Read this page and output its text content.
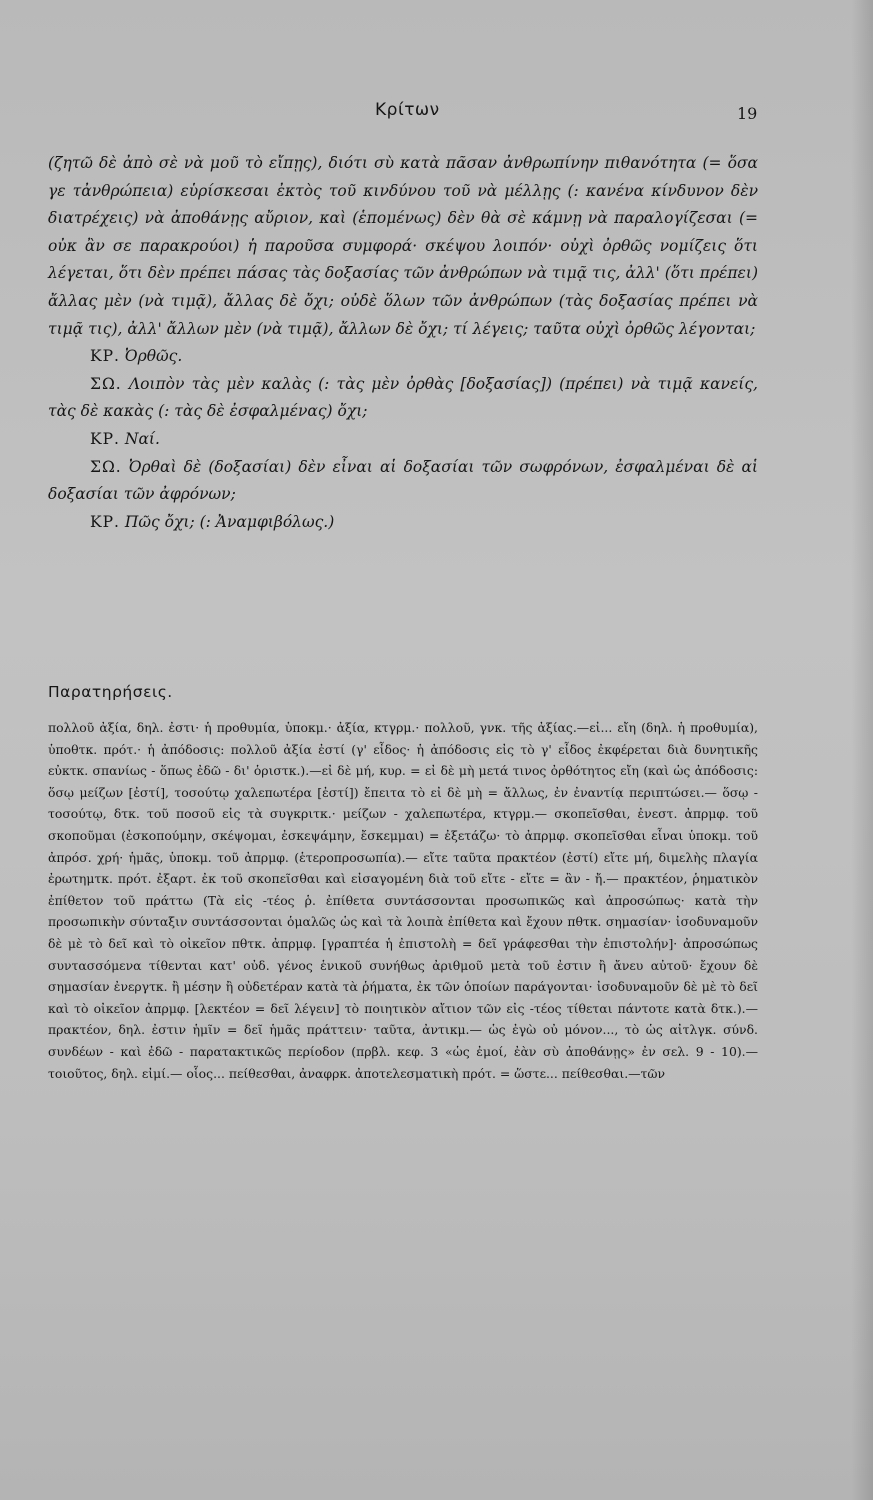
Κρίτων	19

(ζητῶ δὲ ἀπὸ σὲ νὰ μοῦ τὸ εἴπῃς), διότι σὺ κατὰ πᾶσαν ἀνθρωπίνην πιθανότητα (= ὅσα γε τἀνθρώπεια) εὑρίσκεσαι ἐκτὸς τοῦ κινδύνου τοῦ νὰ μέλλῃς (: κανένα κίνδυνον δὲν διατρέχεις) νὰ ἀποθάνῃς αὔριον, καὶ (ἑπομένως) δὲν θὰ σὲ κάμνῃ νὰ παραλογίζεσαι (= οὐκ ἂν σε παρακρούοι) ἡ παροῦσα συμφορά· σκέψου λοιπόν· οὐχὶ ὀρθῶς νομίζεις ὅτι λέγεται, ὅτι δὲν πρέπει πάσας τὰς δοξασίας τῶν ἀνθρώπων νὰ τιμᾷ τις, ἀλλ' (ὅτι πρέπει) ἄλλας μὲν (νὰ τιμᾷ), ἄλλας δὲ ὄχι; οὐδὲ ὅλων τῶν ἀνθρώπων (τὰς δοξασίας πρέπει νὰ τιμᾷ τις), ἀλλ' ἄλλων μὲν (νὰ τιμᾷ), ἄλλων δὲ ὄχι; τί λέγεις; ταῦτα οὐχὶ ὀρθῶς λέγονται;

ΚΡ. Ὀρθῶς.

ΣΩ. Λοιπὸν τὰς μὲν καλὰς (: τὰς μὲν ὀρθὰς [δοξασίας]) (πρέπει) νὰ τιμᾷ κανείς, τὰς δὲ κακὰς (: τὰς δὲ ἐσφαλμένας) ὄχι;

ΚΡ. Ναί.

ΣΩ. Ὀρθαὶ δὲ (δοξασίαι) δὲν εἶναι αἱ δοξασίαι τῶν σωφρόνων, ἐσφαλμέναι δὲ αἱ δοξασίαι τῶν ἀφρόνων;

ΚΡ. Πῶς ὄχι; (: Ἀναμφιβόλως.)

Παρατηρήσεις.

πολλοῦ ἀξία, δηλ. ἐστι· ἡ προθυμία, ὑποκμ.· ἀξία, κτγρμ.· πολλοῦ, γνκ. τῆς ἀξίας.—εἰ... εἴη (δηλ. ἡ προθυμία), ὑποθτκ. πρότ.· ἡ ἀπόδοσις: πολλοῦ ἀξία ἐστί (γ' εἶδος· ἡ ἀπόδοσις εἰς τὸ γ' εἶδος ἐκφέρεται διὰ δυνητικῆς εὐκτκ. σπανίως - ὅπως ἐδῶ - δι' ὁριστκ.).—εἰ δὲ μή, κυρ. = εἰ δὲ μὴ μετά τινος ὀρθότητος εἴη (καὶ ὡς ἀπόδοσις: ὅσῳ μείζων [ἐστί], τοσούτῳ χαλεπωτέρα [ἐστί]) ἔπειτα τὸ εἰ δὲ μὴ = ἄλλως, ἐν ἐναντίᾳ περιπτώσει.— ὅσῳ - τοσούτῳ, δτκ. τοῦ ποσοῦ εἰς τὰ συγκριτκ.· μείζων - χαλεπωτέρα, κτγρμ.— σκοπεῖσθαι, ἐνεστ. ἀπρμφ. τοῦ σκοποῦμαι (ἐσκοπούμην, σκέψομαι, ἐσκεψάμην, ἔσκεμμαι) = ἐξετάζω· τὸ ἀπρμφ. σκοπεῖσθαι εἶναι ὑποκμ. τοῦ ἀπρόσ. χρή· ἡμᾶς, ὑποκμ. τοῦ ἀπρμφ. (ἑτεροπροσωπία).— εἴτε ταῦτα πρακτέον (ἐστί) εἴτε μή, διμελὴς πλαγία ἐρωτημτκ. πρότ. ἐξαρτ. ἐκ τοῦ σκοπεῖσθαι καὶ εἰσαγομένη διὰ τοῦ εἴτε - εἴτε = ἂν - ἤ.— πρακτέον, ῥηματικὸν ἐπίθετον τοῦ πράττω (Τὰ εἰς -τέος ῥ. ἐπίθετα συντάσσονται προσωπικῶς καὶ ἀπροσώπως· κατὰ τὴν προσωπικὴν σύνταξιν συντάσσονται ὁμαλῶς ὡς καὶ τὰ λοιπὰ ἐπίθετα καὶ ἔχουν πθτκ. σημασίαν· ἰσοδυναμοῦν δὲ μὲ τὸ δεῖ καὶ τὸ οἰκεῖον πθτκ. ἀπρμφ. [γραπτέα ἡ ἐπιστολὴ = δεῖ γράφεσθαι τὴν ἐπιστολήν]· ἀπροσώπως συντασσόμενα τίθενται κατ' οὐδ. γένος ἑνικοῦ συνήθως ἀριθμοῦ μετὰ τοῦ ἐστιν ἢ ἄνευ αὐτοῦ· ἔχουν δὲ σημασίαν ἐνεργτκ. ἢ μέσην ἢ οὐδετέραν κατὰ τὰ ῥήματα, ἐκ τῶν ὁποίων παράγονται· ἰσοδυναμοῦν δὲ μὲ τὸ δεῖ καὶ τὸ οἰκεῖον ἀπρμφ. [λεκτέον = δεῖ λέγειν] τὸ ποιητικὸν αἴτιον τῶν εἰς -τέος τίθεται πάντοτε κατὰ δτκ.).— πρακτέον, δηλ. ἐστιν ἡμῖν = δεῖ ἡμᾶς πράττειν· ταῦτα, ἀντικμ.— ὡς ἐγὼ οὐ μόνον..., τὸ ὡς αἰτλγκ. σύνδ. συνδέων - καὶ ἐδῶ - παρατακτικῶς περίοδον (πρβλ. κεφ. 3 «ὡς ἐμοί, ἐὰν σὺ ἀποθάνῃς» ἐν σελ. 9 - 10).— τοιοῦτος, δηλ. εἰμί.— οἷος... πείθεσθαι, ἀναφρκ. ἀποτελεσματικὴ πρότ. = ὥστε... πείθεσθαι.—τῶν
